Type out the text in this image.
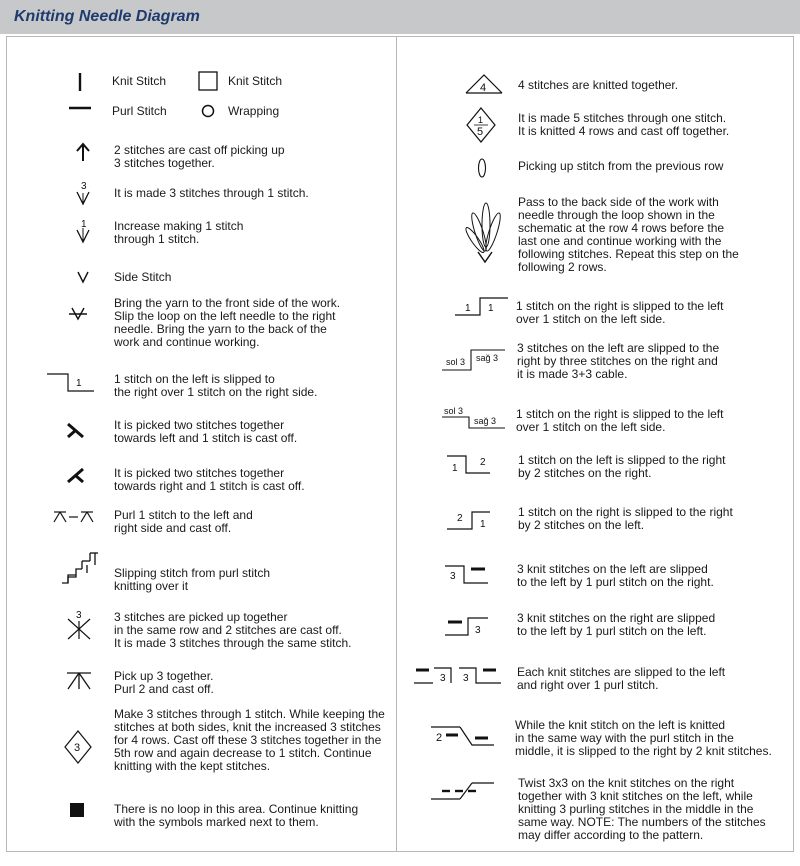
Knitting Needle Diagram
Knit Stitch	Knit Stitch
Purl Stitch	Wrapping
2 stitches are cast off picking up
3 stitches together.
3 It is made 3 stitches through 1 stitch.
1 Increase making 1 stitch
through 1 stitch.
Side Stitch
Bring the yarn to the front side of the work.
Slip the loop on the left needle to the right
needle. Bring the yarn to the back of the
work and continue working.
1	1 stitch on the left is slipped to
the right over 1 stitch on the right side.
It is picked two stitches together
towards left and 1 stitch is cast off.
It is picked two stitches together
towards right and 1 stitch is cast off.
Purl 1 stitch to the left and
right side and cast off.
Slipping stitch from purl stitch
knitting over it
3	3 stitches are picked up together
in the same row and 2 stitches are cast off.
It is made 3 stitches through the same stitch.
Pick up 3 together.
Purl 2 and cast off.
3
Make 3 stitches through 1 stitch. While keeping the
stitches at both sides, knit the increased 3 stitches
for 4 rows. Cast off these 3 stitches together in the
5th row and again decrease to 1 stitch. Continue
knitting with the kept stitches.
There is no loop in this area. Continue knitting
with the symbols marked next to them.
4	4 stitches are knitted together.
1
5
It is made 5 stitches through one stitch.
It is knitted 4 rows and cast off together.
Picking up stitch from the previous row
Pass to the back side of the work with
needle through the loop shown in the
schematic at the row 4 rows before the
last one and continue working with the
following stitches. Repeat this step on the
following 2 rows.
1 1 1 stitch on the right is slipped to the left
over 1 stitch on the left side.
sol 3 sağ 3
3 stitches on the left are slipped to the
right by three stitches on the right and
it is made 3+3 cable.
sol 3
sağ 3 1 stitch on the right is slipped to the left
over 1 stitch on the left side.
1
2	1 stitch on the left is slipped to the right
by 2 stitches on the right.
2
1
1 stitch on the right is slipped to the right
by 2 stitches on the left.
3
3 knit stitches on the left are slipped
to the left by 1 purl stitch on the right.
3
3 knit stitches on the right are slipped
to the left by 1 purl stitch on the left.
3 3	Each knit stitches are slipped to the left
and right over 1 purl stitch.
2
While the knit stitch on the left is knitted
in the same way with the purl stitch in the
middle, it is slipped to the right by 2 knit stitches.
Twist 3x3 on the knit stitches on the right
together with 3 knit stitches on the left, while
knitting 3 purling stitches in the middle in the
same way. NOTE: The numbers of the stitches
may differ according to the pattern.
